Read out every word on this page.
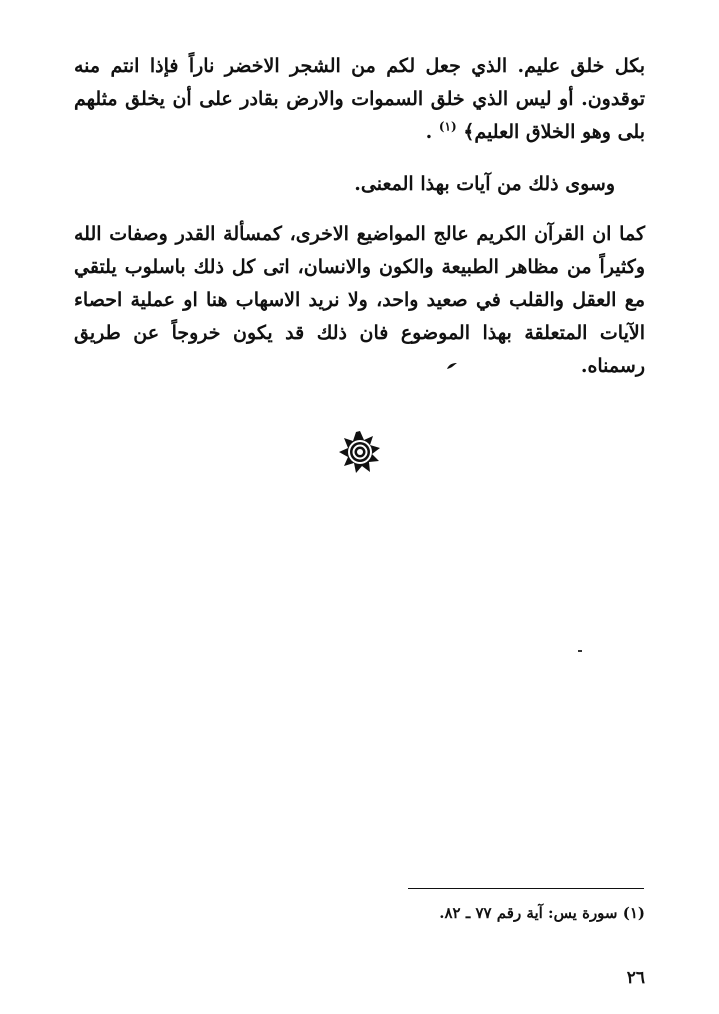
بكل خلق عليم. الذي جعل لكم من الشجر الاخضر ناراً فإذا انتم منه توقدون. أو ليس الذي خلق السموات والارض بقادر على أن يخلق مثلهم بلى وهو الخلاق العليم﴾ $^{(١)}$ .
وسوى ذلك من آيات بهذا المعنى.
كما ان القرآن الكريم عالج المواضيع الاخرى، كمسألة القدر وصفات الله وكثيراً من مظاهر الطبيعة والكون والانسان، اتى كل ذلك باسلوب يلتقي مع العقل والقلب في صعيد واحد، ولا نريد الاسهاب هنا او عملية احصاء الآيات المتعلقة بهذا الموضوع فان ذلك قد يكون خروجاً عن طريق رسمناه.
(١) سورة يس: آية رقم ٧٧ ـ ٨٢.
٢٦
